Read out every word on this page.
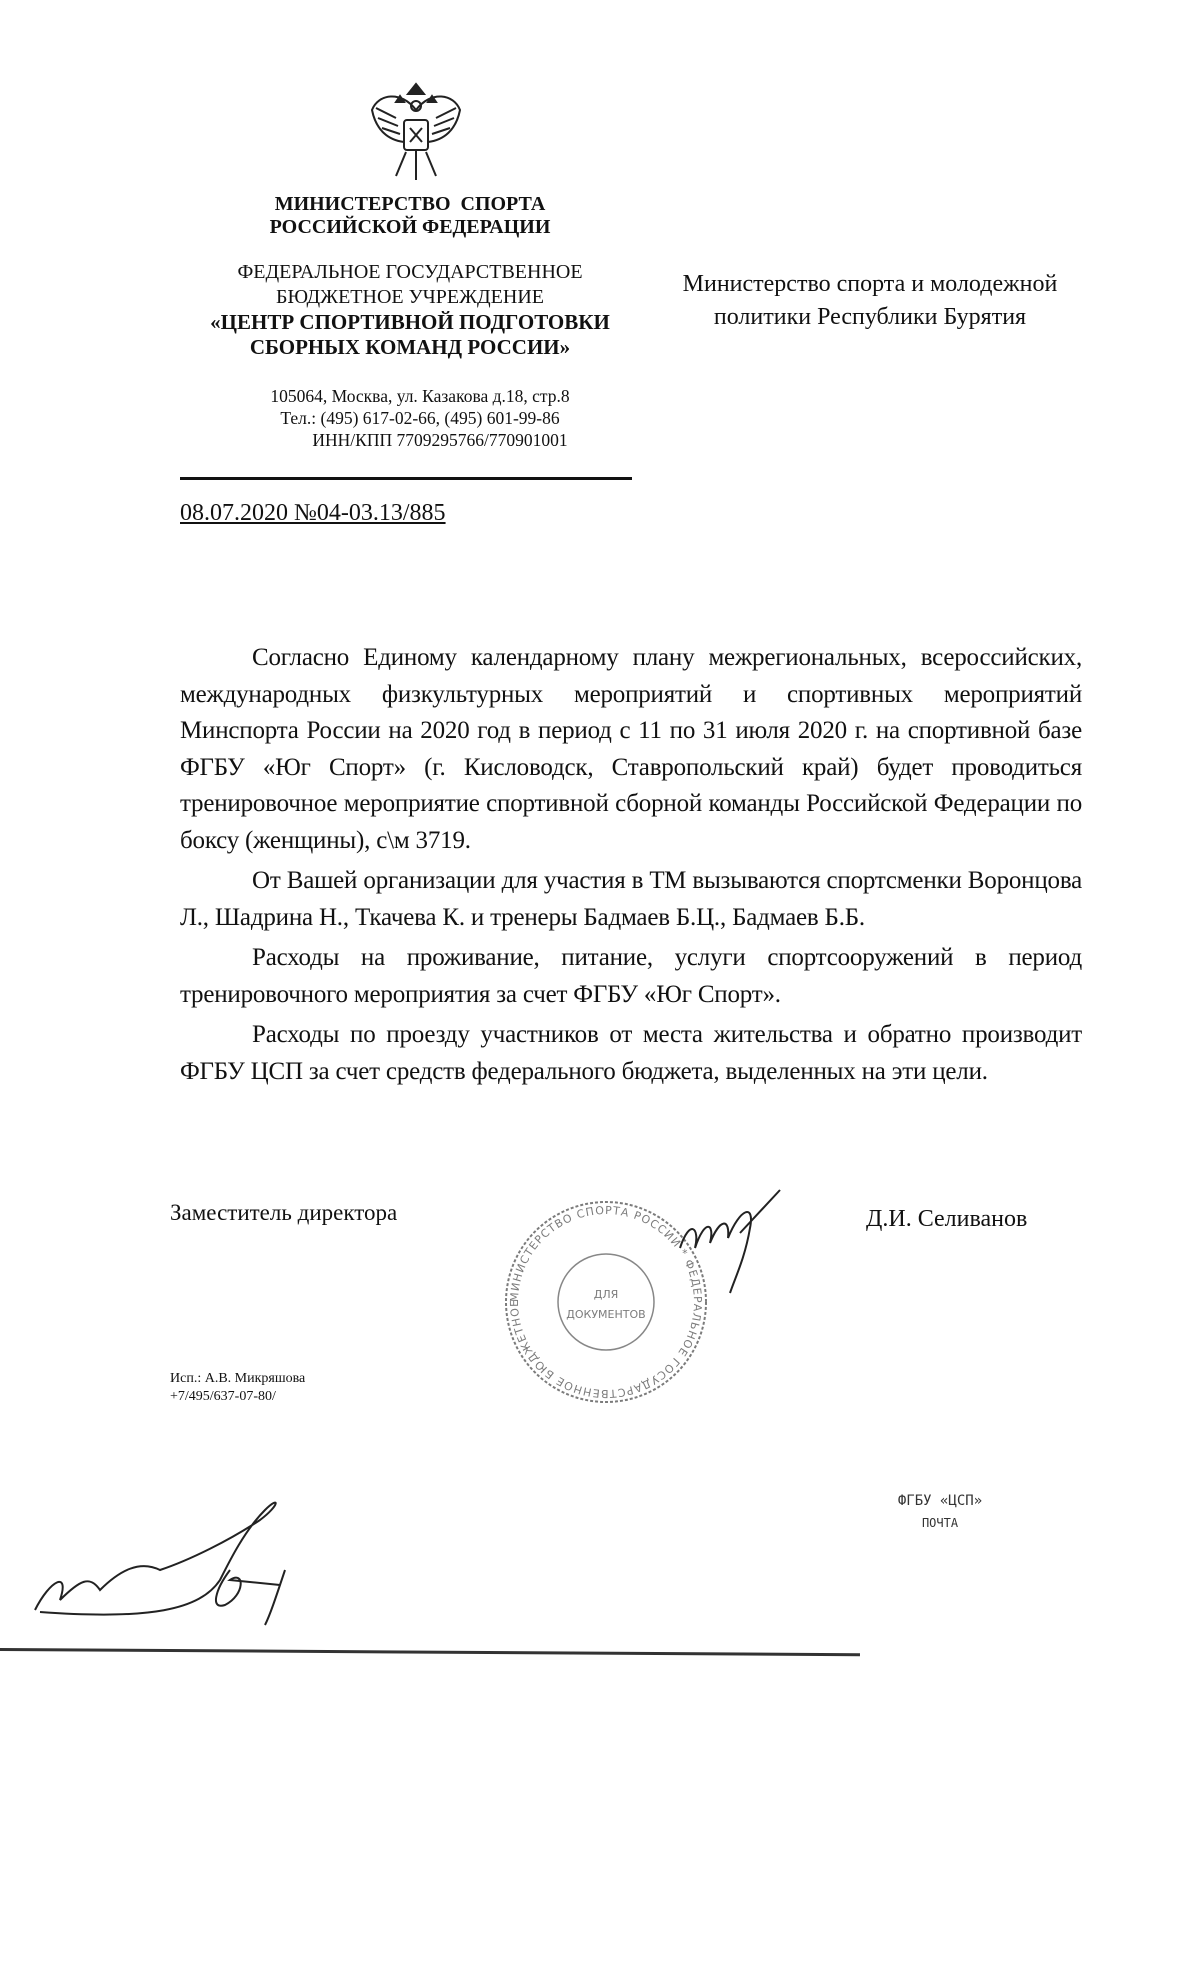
МИНИСТЕРСТВО  СПОРТА
РОССИЙСКОЙ ФЕДЕРАЦИИ
ФЕДЕРАЛЬНОЕ ГОСУДАРСТВЕННОЕ
БЮДЖЕТНОЕ УЧРЕЖДЕНИЕ
«ЦЕНТР СПОРТИВНОЙ ПОДГОТОВКИ
СБОРНЫХ КОМАНД РОССИИ»
105064, Москва, ул. Казакова д.18, стр.8
Тел.: (495) 617-02-66, (495) 601-99-86
ИНН/КПП 7709295766/770901001
08.07.2020 №04-03.13/885
Министерство спорта и молодежной
политики Республики Бурятия

Согласно Единому календарному плану межрегиональных, всероссийских, международных физкультурных мероприятий и спортивных мероприятий Минспорта России на 2020 год в период с 11 по 31 июля 2020 г. на спортивной базе ФГБУ «Юг Спорт» (г. Кисловодск, Ставропольский край) будет проводиться тренировочное мероприятие спортивной сборной команды Российской Федерации по боксу (женщины), с\м 3719.

От Вашей организации для участия в ТМ вызываются спортсменки Воронцова Л., Шадрина Н., Ткачева К. и тренеры Бадмаев Б.Ц., Бадмаев Б.Б.

Расходы на проживание, питание, услуги спортсооружений в период тренировочного мероприятия за счет ФГБУ «Юг Спорт».

Расходы по проезду участников от места жительства и обратно производит ФГБУ ЦСП за счет средств федерального бюджета, выделенных на эти цели.

Заместитель директора	Д.И. Селиванов
МИНИСТЕРСТВО СПОРТА РОССИИ * ФЕДЕРАЛЬНОЕ ГОСУДАРСТВЕННОЕ БЮДЖЕТНОЕ
ДЛЯ
ДОКУМЕНТОВ
Исп.: А.В. Микряшова
+7/495/637-07-80/
ФГБУ «ЦСП»
ПОЧТА
